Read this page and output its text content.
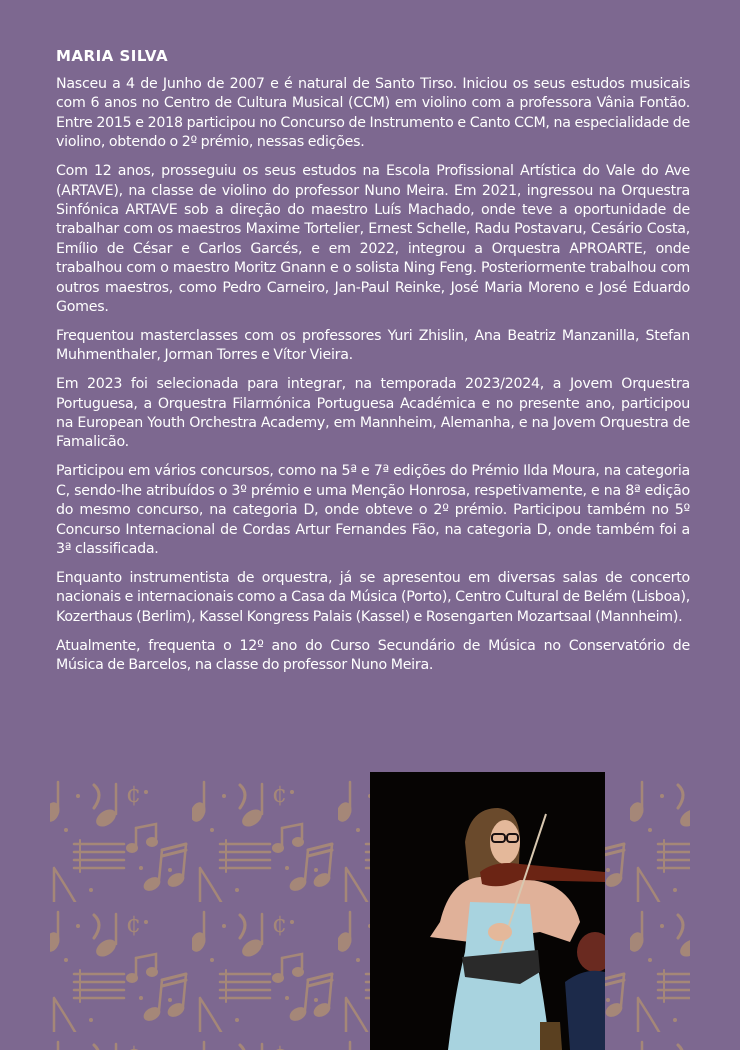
MARIA SILVA

Nasceu a 4 de Junho de 2007 e é natural de Santo Tirso. Iniciou os seus estudos musicais com 6 anos no Centro de Cultura Musical (CCM) em violino com a professora Vânia Fontão. Entre 2015 e 2018 participou no Concurso de Instrumento e Canto CCM, na especialidade de violino, obtendo o 2º prémio, nessas edições.

Com 12 anos, prosseguiu os seus estudos na Escola Profissional Artística do Vale do Ave (ARTAVE), na classe de violino do professor Nuno Meira. Em 2021, ingressou na Orquestra Sinfónica ARTAVE sob a direção do maestro Luís Machado, onde teve a oportunidade de trabalhar com os maestros Maxime Tortelier, Ernest Schelle, Radu Postavaru, Cesário Costa, Emílio de César e Carlos Garcés, e em 2022, integrou a Orquestra APROARTE, onde trabalhou com o maestro Moritz Gnann e o solista Ning Feng. Posteriormente trabalhou com outros maestros, como Pedro Carneiro, Jan-Paul Reinke, José Maria Moreno e José Eduardo Gomes.

Frequentou masterclasses com os professores Yuri Zhislin, Ana Beatriz Manzanilla, Stefan Muhmenthaler, Jorman Torres e Vítor Vieira.

Em 2023 foi selecionada para integrar, na temporada 2023/2024, a Jovem Orquestra Portuguesa, a Orquestra Filarmónica Portuguesa Académica e no presente ano, participou na European Youth Orchestra Academy, em Mannheim, Alemanha, e na Jovem Orquestra de Famalicão.

Participou em vários concursos, como na 5ª e 7ª edições do Prémio Ilda Moura, na categoria C, sendo-lhe atribuídos o 3º prémio e uma Menção Honrosa, respetivamente, e na 8ª edição do mesmo concurso, na categoria D, onde obteve o 2º prémio. Participou também no 5º Concurso Internacional de Cordas Artur Fernandes Fão, na categoria D, onde também foi a 3ª classificada.

Enquanto instrumentista de orquestra, já se apresentou em diversas salas de concerto nacionais e internacionais como a Casa da Música (Porto), Centro Cultural de Belém (Lisboa), Kozerthaus (Berlim), Kassel Kongress Palais (Kassel) e Rosengarten Mozartsaal (Mannheim).

Atualmente, frequenta o 12º ano do Curso Secundário de Música no Conservatório de Música de Barcelos, na classe do professor Nuno Meira.
